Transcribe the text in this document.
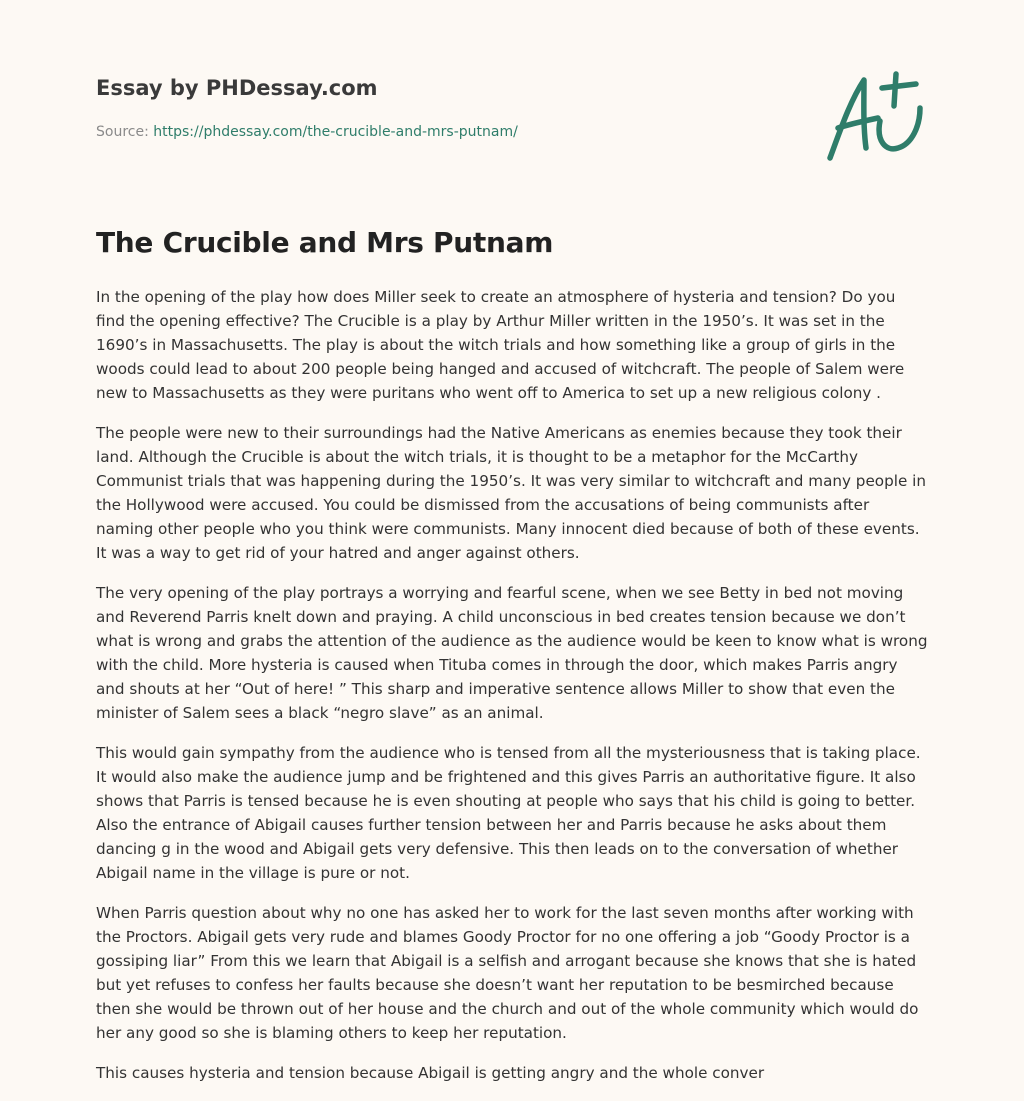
Essay by PHDessay.com

Source: https://phdessay.com/the-crucible-and-mrs-putnam/

The Crucible and Mrs Putnam

In the opening of the play how does Miller seek to create an atmosphere of hysteria and tension? Do you find the opening effective? The Crucible is a play by Arthur Miller written in the 1950’s. It was set in the 1690’s in Massachusetts. The play is about the witch trials and how something like a group of girls in the woods could lead to about 200 people being hanged and accused of witchcraft. The people of Salem were new to Massachusetts as they were puritans who went off to America to set up a new religious colony .

The people were new to their surroundings had the Native Americans as enemies because they took their land. Although the Crucible is about the witch trials, it is thought to be a metaphor for the McCarthy Communist trials that was happening during the 1950’s. It was very similar to witchcraft and many people in the Hollywood were accused. You could be dismissed from the accusations of being communists after naming other people who you think were communists. Many innocent died because of both of these events. It was a way to get rid of your hatred and anger against others.

The very opening of the play portrays a worrying and fearful scene, when we see Betty in bed not moving and Reverend Parris knelt down and praying. A child unconscious in bed creates tension because we don’t what is wrong and grabs the attention of the audience as the audience would be keen to know what is wrong with the child. More hysteria is caused when Tituba comes in through the door, which makes Parris angry and shouts at her “Out of here! ” This sharp and imperative sentence allows Miller to show that even the minister of Salem sees a black “negro slave” as an animal.

This would gain sympathy from the audience who is tensed from all the mysteriousness that is taking place. It would also make the audience jump and be frightened and this gives Parris an authoritative figure. It also shows that Parris is tensed because he is even shouting at people who says that his child is going to better. Also the entrance of Abigail causes further tension between her and Parris because he asks about them dancing g in the wood and Abigail gets very defensive. This then leads on to the conversation of whether Abigail name in the village is pure or not.

When Parris question about why no one has asked her to work for the last seven months after working with the Proctors. Abigail gets very rude and blames Goody Proctor for no one offering a job “Goody Proctor is a gossiping liar” From this we learn that Abigail is a selfish and arrogant because she knows that she is hated but yet refuses to confess her faults because she doesn’t want her reputation to be besmirched because then she would be thrown out of her house and the church and out of the whole community which would do her any good so she is blaming others to keep her reputation.

This causes hysteria and tension because Abigail is getting angry and the whole conver
